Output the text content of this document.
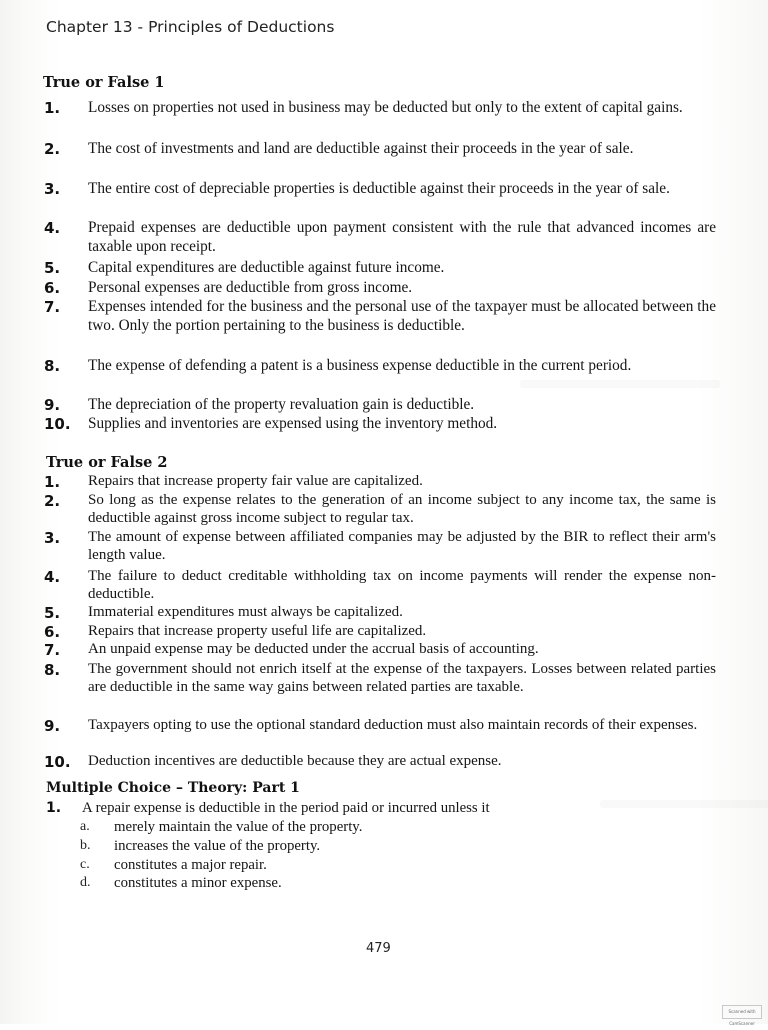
Chapter 13 - Principles of Deductions
True or False 1
1. Losses on properties not used in business may be deducted but only to the extent of capital gains.
2. The cost of investments and land are deductible against their proceeds in the year of sale.
3. The entire cost of depreciable properties is deductible against their proceeds in the year of sale.
4. Prepaid expenses are deductible upon payment consistent with the rule that advanced incomes are taxable upon receipt.
5. Capital expenditures are deductible against future income.
6. Personal expenses are deductible from gross income.
7. Expenses intended for the business and the personal use of the taxpayer must be allocated between the two. Only the portion pertaining to the business is deductible.
8. The expense of defending a patent is a business expense deductible in the current period.
9. The depreciation of the property revaluation gain is deductible.
10. Supplies and inventories are expensed using the inventory method.
True or False 2
1. Repairs that increase property fair value are capitalized.
2. So long as the expense relates to the generation of an income subject to any income tax, the same is deductible against gross income subject to regular tax.
3. The amount of expense between affiliated companies may be adjusted by the BIR to reflect their arm's length value.
4. The failure to deduct creditable withholding tax on income payments will render the expense non-deductible.
5. Immaterial expenditures must always be capitalized.
6. Repairs that increase property useful life are capitalized.
7. An unpaid expense may be deducted under the accrual basis of accounting.
8. The government should not enrich itself at the expense of the taxpayers. Losses between related parties are deductible in the same way gains between related parties are taxable.
9. Taxpayers opting to use the optional standard deduction must also maintain records of their expenses.
10. Deduction incentives are deductible because they are actual expense.
Multiple Choice – Theory: Part 1
1. A repair expense is deductible in the period paid or incurred unless it
a. merely maintain the value of the property.
b. increases the value of the property.
c. constitutes a major repair.
d. constitutes a minor expense.
479
Scanned with CamScanner
